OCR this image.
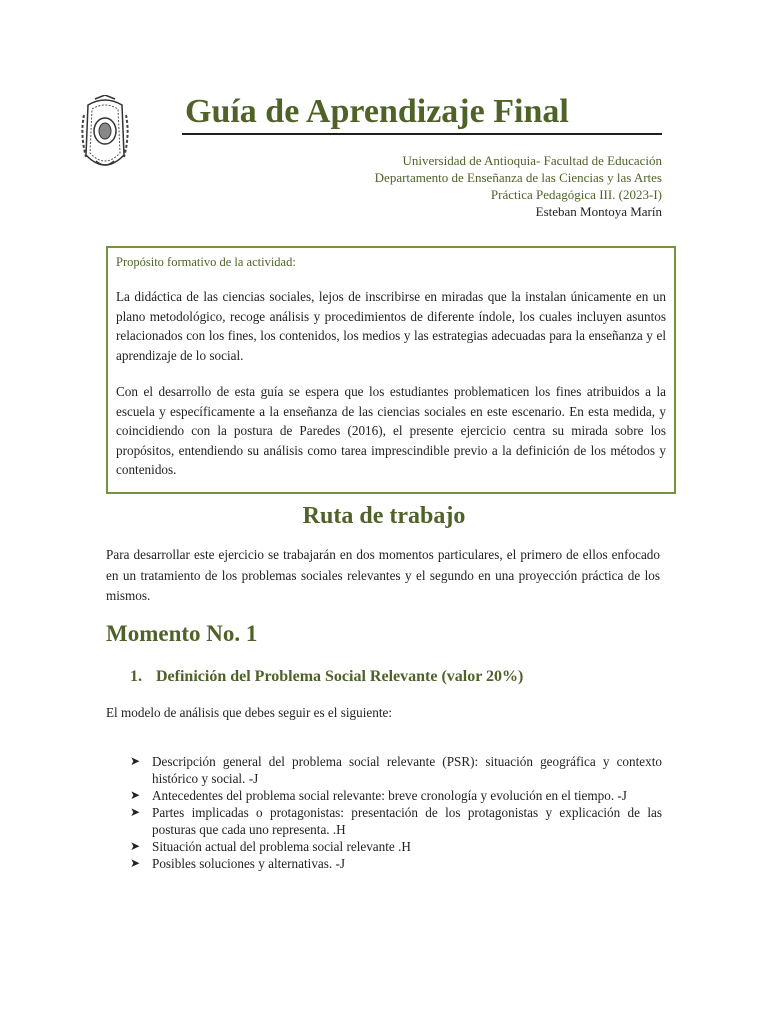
Guía de Aprendizaje Final
Universidad de Antioquia- Facultad de Educación
Departamento de Enseñanza de las Ciencias y las Artes
Práctica Pedagógica III. (2023-I)
Esteban Montoya Marín

Propósito formativo de la actividad:

La didáctica de las ciencias sociales, lejos de inscribirse en miradas que la instalan únicamente en un plano metodológico, recoge análisis y procedimientos de diferente índole, los cuales incluyen asuntos relacionados con los fines, los contenidos, los medios y las estrategias adecuadas para la enseñanza y el aprendizaje de lo social.

Con el desarrollo de esta guía se espera que los estudiantes problematicen los fines atribuidos a la escuela y específicamente a la enseñanza de las ciencias sociales en este escenario. En esta medida, y coincidiendo con la postura de Paredes (2016), el presente ejercicio centra su mirada sobre los propósitos, entendiendo su análisis como tarea imprescindible previo a la definición de los métodos y contenidos.

Ruta de trabajo

Para desarrollar este ejercicio se trabajarán en dos momentos particulares, el primero de ellos enfocado en un tratamiento de los problemas sociales relevantes y el segundo en una proyección práctica de los mismos.

Momento No. 1
1. Definición del Problema Social Relevante (valor 20%)

El modelo de análisis que debes seguir es el siguiente:

➤ Descripción general del problema social relevante (PSR): situación geográfica y contexto histórico y social. -J
➤ Antecedentes del problema social relevante: breve cronología y evolución en el tiempo. -J
➤ Partes implicadas o protagonistas: presentación de los protagonistas y explicación de las posturas que cada uno representa. .H
➤ Situación actual del problema social relevante .H
➤ Posibles soluciones y alternativas. -J
